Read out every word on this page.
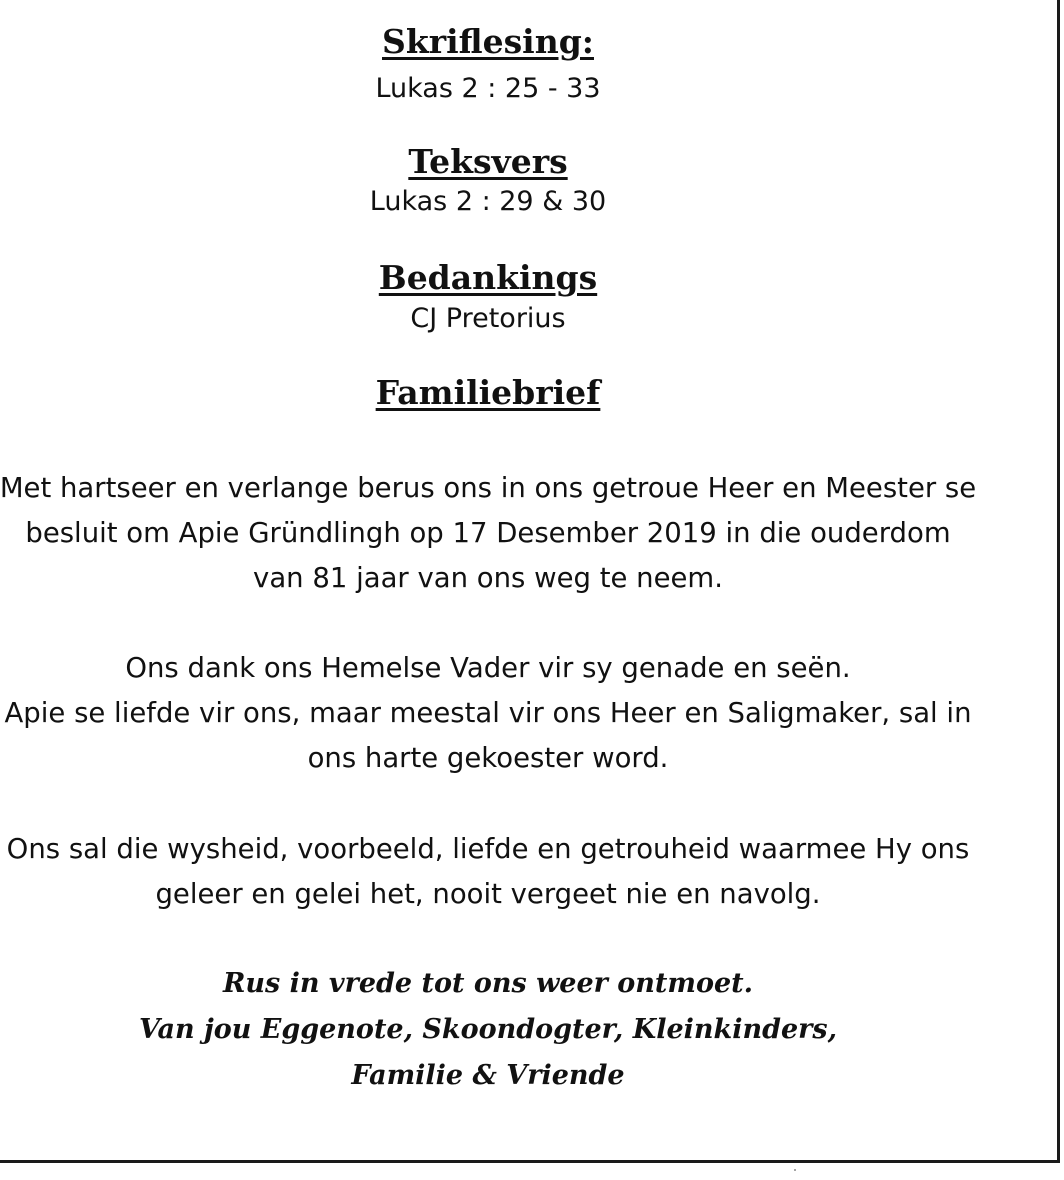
Skriflesing:

Lukas 2 : 25 - 33

Teksvers

Lukas 2 : 29 & 30

Bedankings

CJ Pretorius

Familiebrief
Met hartseer en verlange berus ons in ons getroue Heer en Meester se
besluit om Apie Gründlingh op 17 Desember 2019 in die ouderdom
van 81 jaar van ons weg te neem.
Ons dank ons Hemelse Vader vir sy genade en seën.
Apie se liefde vir ons, maar meestal vir ons Heer en Saligmaker, sal in
ons harte gekoester word.
Ons sal die wysheid, voorbeeld, liefde en getrouheid waarmee Hy ons
geleer en gelei het, nooit vergeet nie en navolg.
Rus in vrede tot ons weer ontmoet.
Van jou Eggenote, Skoondogter, Kleinkinders,
Familie & Vriende
